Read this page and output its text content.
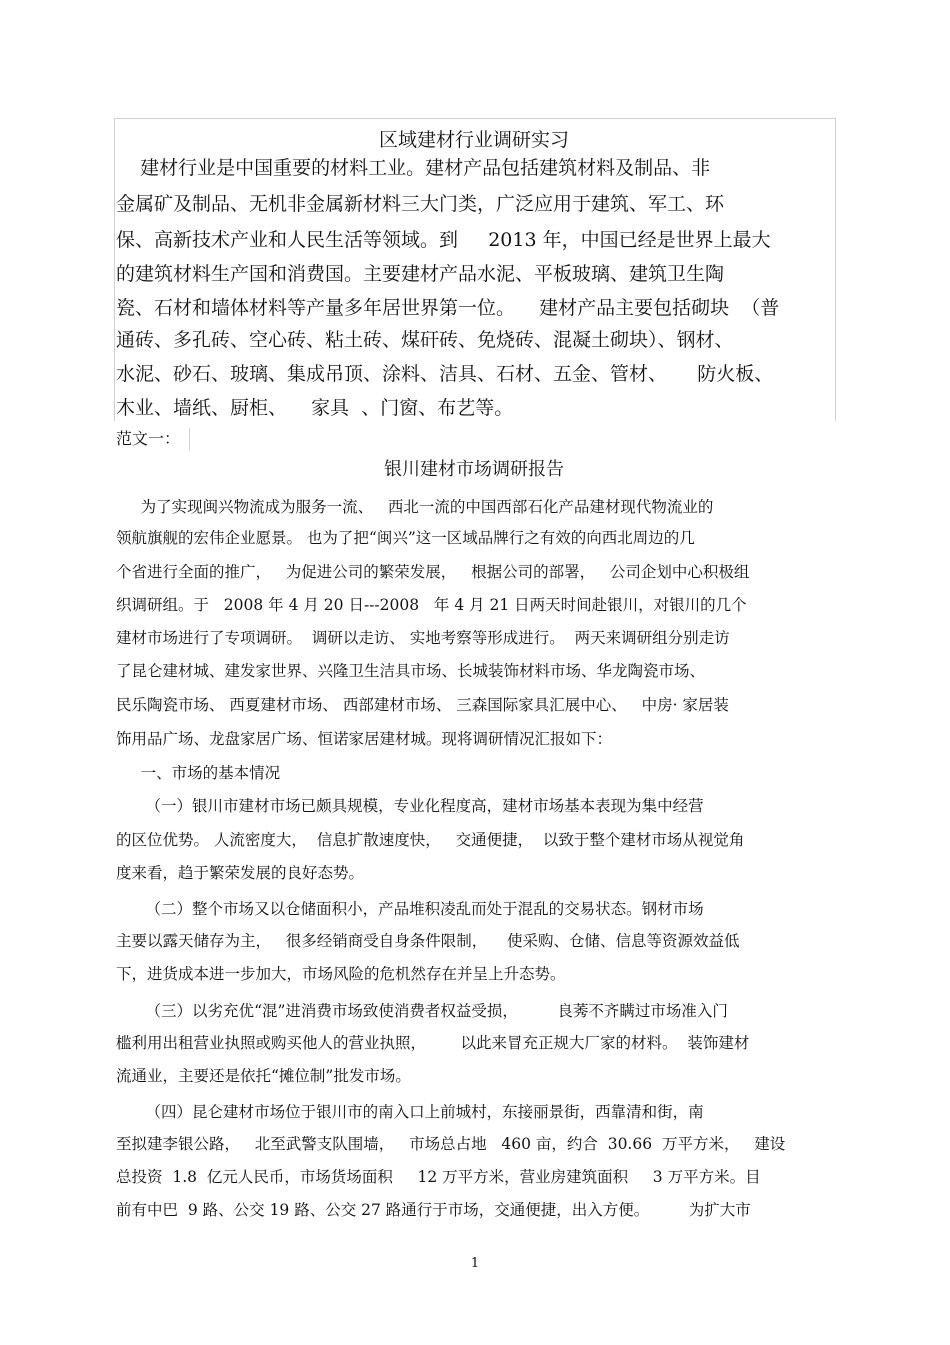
区域建材行业调研实习
建材行业是中国重要的材料工业。建材产品包括建筑材料及制品、非
金属矿及制品、无机非金属新材料三大门类，广泛应用于建筑、军工、环
保、高新技术产业和人民生活等领域。到     2013 年，中国已经是世界上最大
的建筑材料生产国和消费国。主要建材产品水泥、平板玻璃、建筑卫生陶
瓷、石材和墙体材料等产量多年居世界第一位。    建材产品主要包括砌块  （普
通砖、多孔砖、空心砖、粘土砖、煤矸砖、免烧砖、混凝土砌块）、钢材、
水泥、砂石、玻璃、集成吊顶、涂料、洁具、石材、五金、管材、     防火板、
木业、墙纸、厨柜、    家具  、门窗、布艺等。
范文一：
银川建材市场调研报告
为了实现闽兴物流成为服务一流、   西北一流的中国西部石化产品建材现代物流业的
领航旗舰的宏伟企业愿景。 也为了把“闽兴”这一区域品牌行之有效的向西北周边的几
个省进行全面的推广，   为促进公司的繁荣发展，   根据公司的部署，   公司企划中心积极组
织调研组。于   2008 年 4 月 20 日---2008   年 4 月 21 日两天时间赴银川，对银川的几个
建材市场进行了专项调研。  调研以走访、 实地考察等形成进行。  两天来调研组分别走访
了昆仑建材城、建发家世界、兴隆卫生洁具市场、长城装饰材料市场、华龙陶瓷市场、
民乐陶瓷市场、 西夏建材市场、 西部建材市场、 三森国际家具汇展中心、   中房· 家居装
饰用品广场、龙盘家居广场、恒诺家居建材城。现将调研情况汇报如下：
一、市场的基本情况
（一）银川市建材市场已颇具规模，专业化程度高，建材市场基本表现为集中经营
的区位优势。 人流密度大，  信息扩散速度快，   交通便捷，  以致于整个建材市场从视觉角
度来看，趋于繁荣发展的良好态势。
（二）整个市场又以仓储面积小，产品堆积凌乱而处于混乱的交易状态。钢材市场
主要以露天储存为主，   很多经销商受自身条件限制，    使采购、仓储、信息等资源效益低
下，进货成本进一步加大，市场风险的危机然存在并呈上升态势。
（三）以劣充优“混”进消费市场致使消费者权益受损，        良莠不齐瞒过市场准入门
槛利用出租营业执照或购买他人的营业执照，       以此来冒充正规大厂家的材料。  装饰建材
流通业，主要还是依托“摊位制”批发市场。
（四）昆仑建材市场位于银川市的南入口上前城村，东接丽景街，西靠清和街，南
至拟建李银公路，   北至武警支队围墙，   市场总占地   460 亩，约合  30.66  万平方米，   建设
总投资  1.8  亿元人民币，市场货场面积     12 万平方米，营业房建筑面积     3 万平方米。目
前有中巴  9 路、公交 19 路、公交 27 路通行于市场，交通便捷，出入方便。        为扩大市
1
